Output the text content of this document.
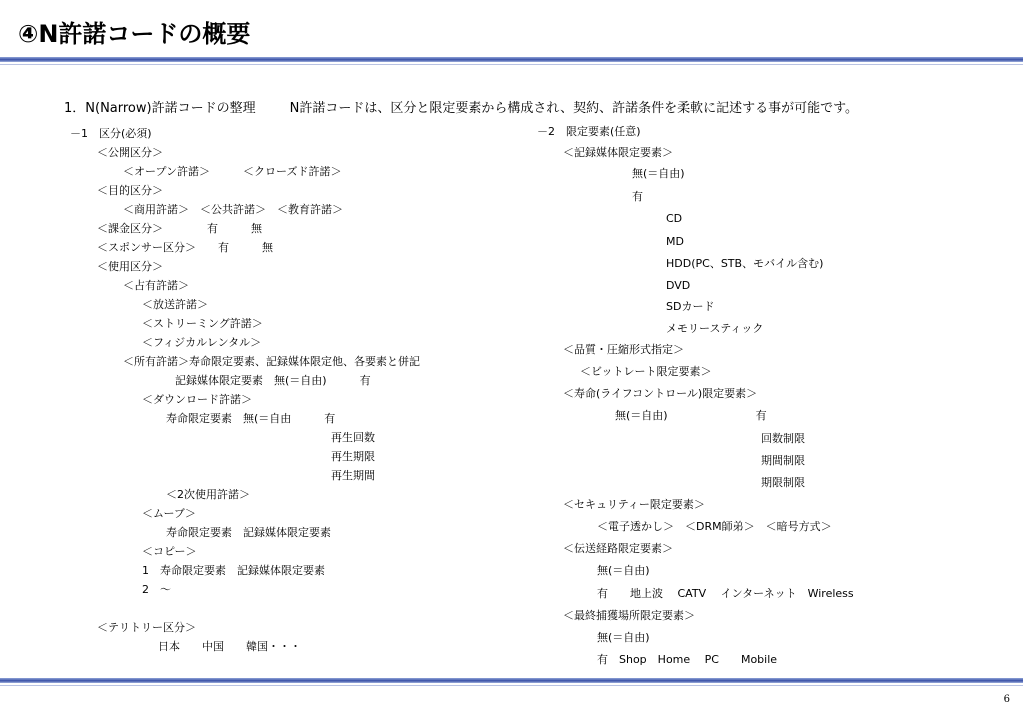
④N許諾コードの概要
1．N(Narrow)許諾コードの整理	N許諾コードは、区分と限定要素から構成され、契約、許諾条件を柔軟に記述する事が可能です。
－1　区分(必須)
＜公開区分＞
＜オープン許諾＞　　　＜クローズド許諾＞
＜目的区分＞
＜商用許諾＞　＜公共許諾＞　＜教育許諾＞
＜課金区分＞　　　　有　　　無
＜スポンサー区分＞　　有　　　無
＜使用区分＞
＜占有許諾＞
＜放送許諾＞
＜ストリーミング許諾＞
＜フィジカルレンタル＞
＜所有許諾＞寿命限定要素、記録媒体限定他、各要素と併記
記録媒体限定要素　無(＝自由)　　　有
＜ダウンロード許諾＞
寿命限定要素　無(＝自由　　　有
再生回数
再生期限
再生期間
＜2次使用許諾＞
＜ムーブ＞
寿命限定要素　記録媒体限定要素
＜コピー＞
1　寿命限定要素　記録媒体限定要素
2　～
＜テリトリー区分＞
日本　　中国　　韓国・・・
－2　限定要素(任意)
＜記録媒体限定要素＞
無(＝自由)
有
CD
MD
HDD(PC、STB、モバイル含む)
DVD
SDカード
メモリースティック
＜品質・圧縮形式指定＞
＜ビットレート限定要素＞
＜寿命(ライフコントロール)限定要素＞
無(＝自由)　　　　　　　　有
回数制限
期間制限
期限制限
＜セキュリティー限定要素＞
＜電子透かし＞　＜DRM師弟＞　＜暗号方式＞
＜伝送経路限定要素＞
無(＝自由)
有　　地上波　 CATV　 インターネット　Wireless
＜最終捕獲場所限定要素＞
無(＝自由)
有　Shop　Home　 PC　　Mobile
6
